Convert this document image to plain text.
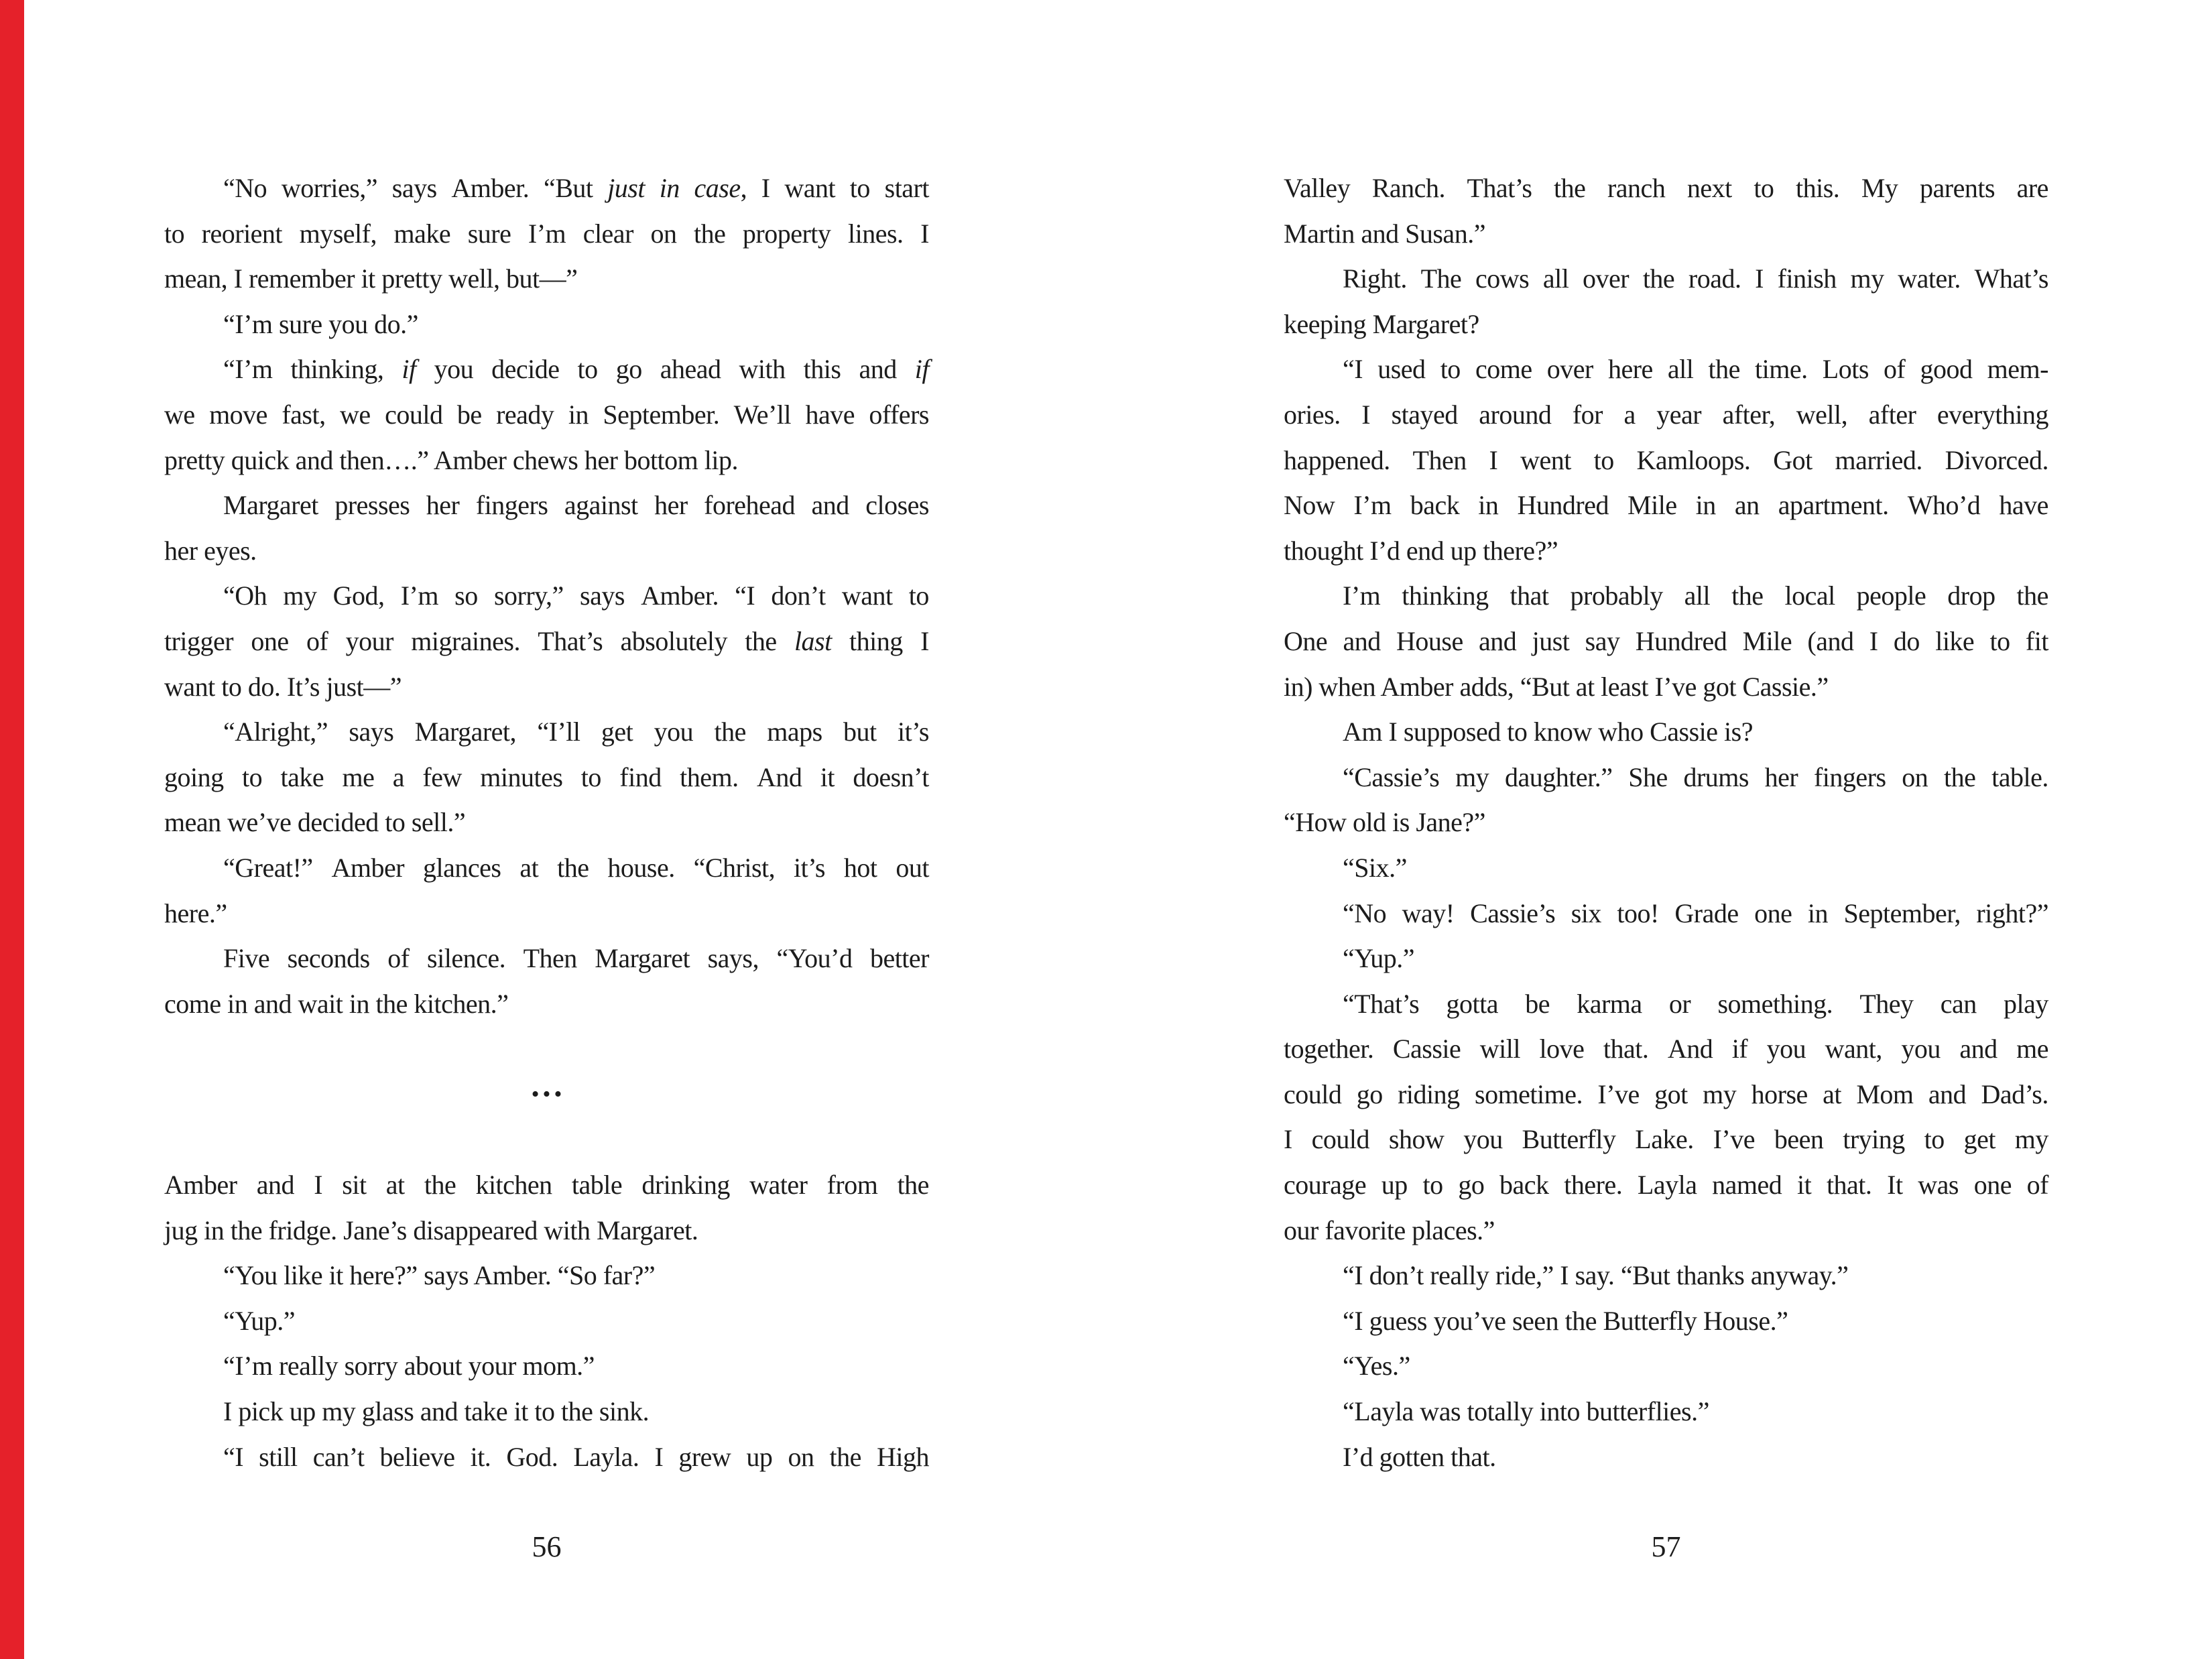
“No worries,” says Amber. “But just in case, I want to start
to reorient myself, make sure I’m clear on the property lines. I
mean, I remember it pretty well, but—”
“I’m sure you do.”
“I’m thinking, if you decide to go ahead with this and if
we move fast, we could be ready in September. We’ll have offers
pretty quick and then….” Amber chews her bottom lip.
Margaret presses her fingers against her forehead and closes
her eyes.
“Oh my God, I’m so sorry,” says Amber. “I don’t want to
trigger one of your migraines. That’s absolutely the last thing I
want to do. It’s just—”
“Alright,” says Margaret, “I’ll get you the maps but it’s
going to take me a few minutes to find them. And it doesn’t
mean we’ve decided to sell.”
“Great!” Amber glances at the house. “Christ, it’s hot out
here.”
Five seconds of silence. Then Margaret says, “You’d better
come in and wait in the kitchen.”
•••
Amber and I sit at the kitchen table drinking water from the
jug in the fridge. Jane’s disappeared with Margaret.
“You like it here?” says Amber. “So far?”
“Yup.”
“I’m really sorry about your mom.”
I pick up my glass and take it to the sink.
“I still can’t believe it. God. Layla. I grew up on the High
56
Valley Ranch. That’s the ranch next to this. My parents are
Martin and Susan.”
Right. The cows all over the road. I finish my water. What’s
keeping Margaret?
“I used to come over here all the time. Lots of good mem-
ories. I stayed around for a year after, well, after everything
happened. Then I went to Kamloops. Got married. Divorced.
Now I’m back in Hundred Mile in an apartment. Who’d have
thought I’d end up there?”
I’m thinking that probably all the local people drop the
One and House and just say Hundred Mile (and I do like to fit
in) when Amber adds, “But at least I’ve got Cassie.”
Am I supposed to know who Cassie is?
“Cassie’s my daughter.” She drums her fingers on the table.
“How old is Jane?”
“Six.”
“No way! Cassie’s six too! Grade one in September, right?”
“Yup.”
“That’s gotta be karma or something. They can play
together. Cassie will love that. And if you want, you and me
could go riding sometime. I’ve got my horse at Mom and Dad’s.
I could show you Butterfly Lake. I’ve been trying to get my
courage up to go back there. Layla named it that. It was one of
our favorite places.”
“I don’t really ride,” I say. “But thanks anyway.”
“I guess you’ve seen the Butterfly House.”
“Yes.”
“Layla was totally into butterflies.”
I’d gotten that.
57
